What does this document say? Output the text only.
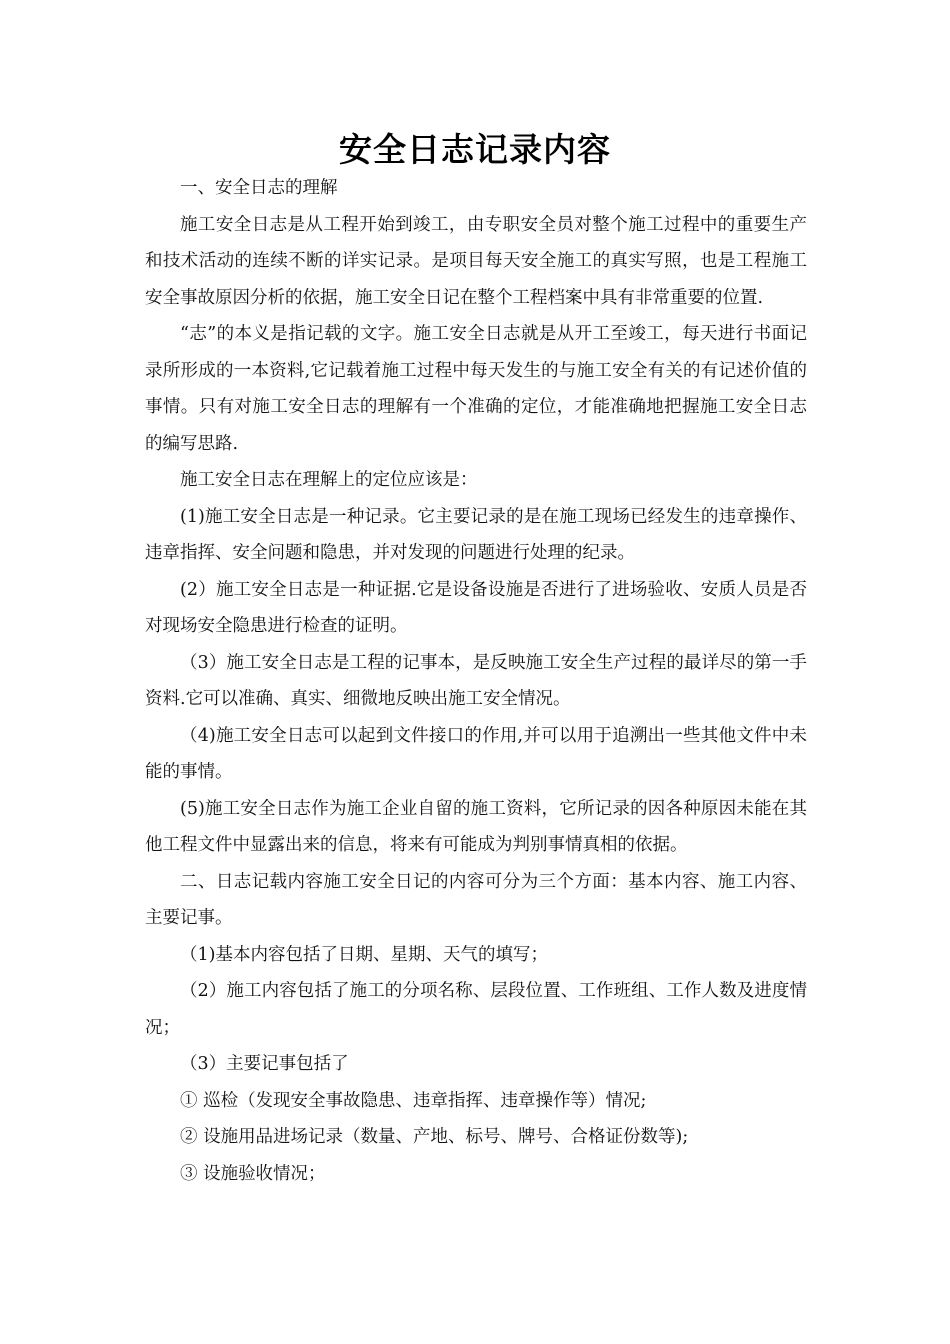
安全日志记录内容

一、安全日志的理解

施工安全日志是从工程开始到竣工，由专职安全员对整个施工过程中的重要生产和技术活动的连续不断的详实记录。是项目每天安全施工的真实写照，也是工程施工安全事故原因分析的依据，施工安全日记在整个工程档案中具有非常重要的位置.

“志”的本义是指记载的文字。施工安全日志就是从开工至竣工，每天进行书面记录所形成的一本资料,它记载着施工过程中每天发生的与施工安全有关的有记述价值的事情。只有对施工安全日志的理解有一个准确的定位，才能准确地把握施工安全日志的编写思路.

施工安全日志在理解上的定位应该是：

(1)施工安全日志是一种记录。它主要记录的是在施工现场已经发生的违章操作、违章指挥、安全问题和隐患，并对发现的问题进行处理的纪录。

(2）施工安全日志是一种证据.它是设备设施是否进行了进场验收、安质人员是否对现场安全隐患进行检查的证明。

（3）施工安全日志是工程的记事本，是反映施工安全生产过程的最详尽的第一手资料.它可以准确、真实、细微地反映出施工安全情况。

（4)施工安全日志可以起到文件接口的作用,并可以用于追溯出一些其他文件中未能的事情。

(5)施工安全日志作为施工企业自留的施工资料，它所记录的因各种原因未能在其他工程文件中显露出来的信息，将来有可能成为判别事情真相的依据。

二、日志记载内容施工安全日记的内容可分为三个方面：基本内容、施工内容、主要记事。

（1)基本内容包括了日期、星期、天气的填写；

（2）施工内容包括了施工的分项名称、层段位置、工作班组、工作人数及进度情况；

（3）主要记事包括了

① 巡检（发现安全事故隐患、违章指挥、违章操作等）情况;

② 设施用品进场记录（数量、产地、标号、牌号、合格证份数等);

③ 设施验收情况；
